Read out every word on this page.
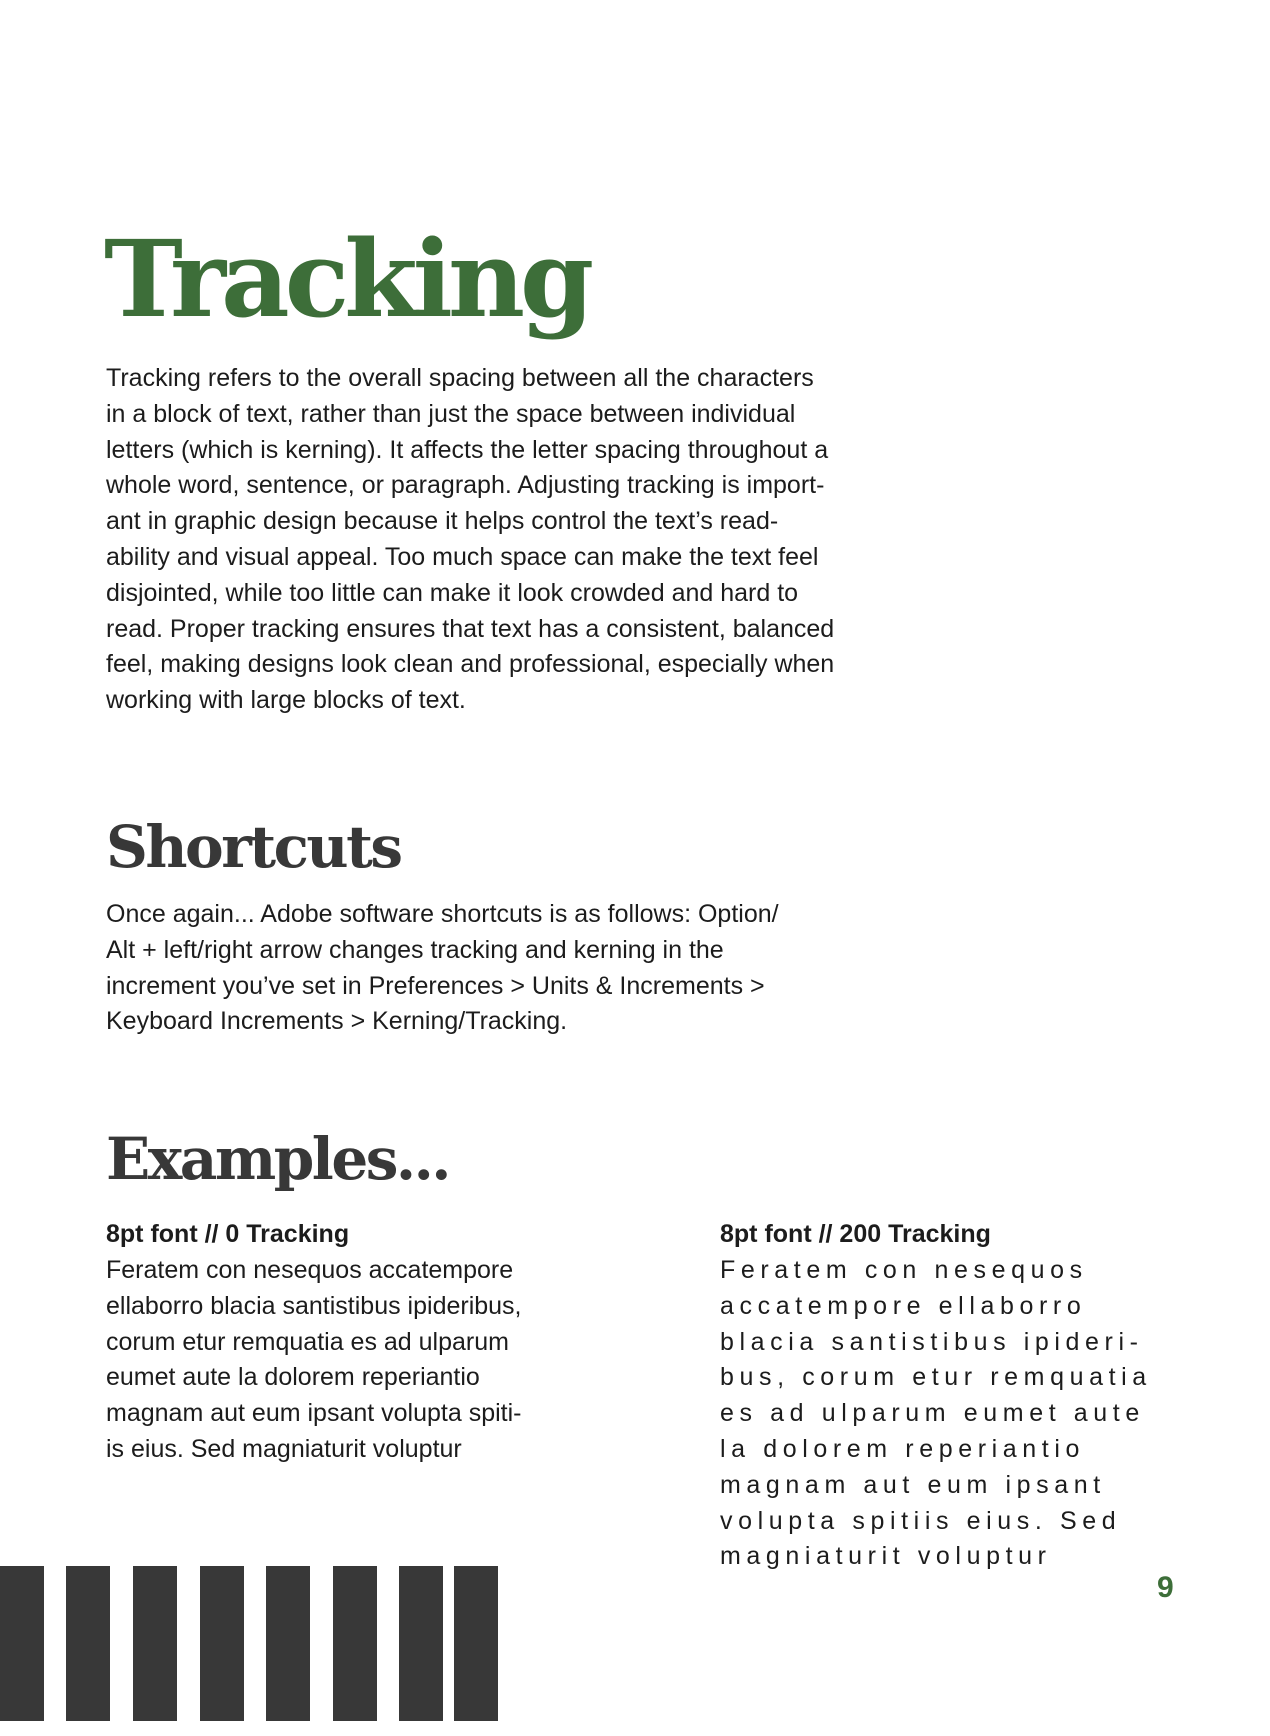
Tracking

Tracking refers to the overall spacing between all the characters
in a block of text, rather than just the space between individual
letters (which is kerning). It affects the letter spacing throughout a
whole word, sentence, or paragraph. Adjusting tracking is import-
ant in graphic design because it helps control the text’s read-
ability and visual appeal. Too much space can make the text feel
disjointed, while too little can make it look crowded and hard to
read. Proper tracking ensures that text has a consistent, balanced
feel, making designs look clean and professional, especially when
working with large blocks of text.

Shortcuts

Once again... Adobe software shortcuts is as follows: Option/
Alt + left/right arrow changes tracking and kerning in the
increment you’ve set in Preferences > Units & Increments >
Keyboard Increments > Kerning/Tracking.

Examples...

8pt font // 0 Tracking

Feratem con nesequos accatempore
ellaborro blacia santistibus ipideribus,
corum etur remquatia es ad ulparum
eumet aute la dolorem reperiantio
magnam aut eum ipsant volupta spiti-
is eius. Sed magniaturit voluptur

8pt font // 200 Tracking

Feratem con nesequos
accatempore ellaborro
blacia santistibus ipideri-
bus, corum etur remquatia
es ad ulparum eumet aute
la dolorem reperiantio
magnam aut eum ipsant
volupta spitiis eius. Sed
magniaturit voluptur

9
